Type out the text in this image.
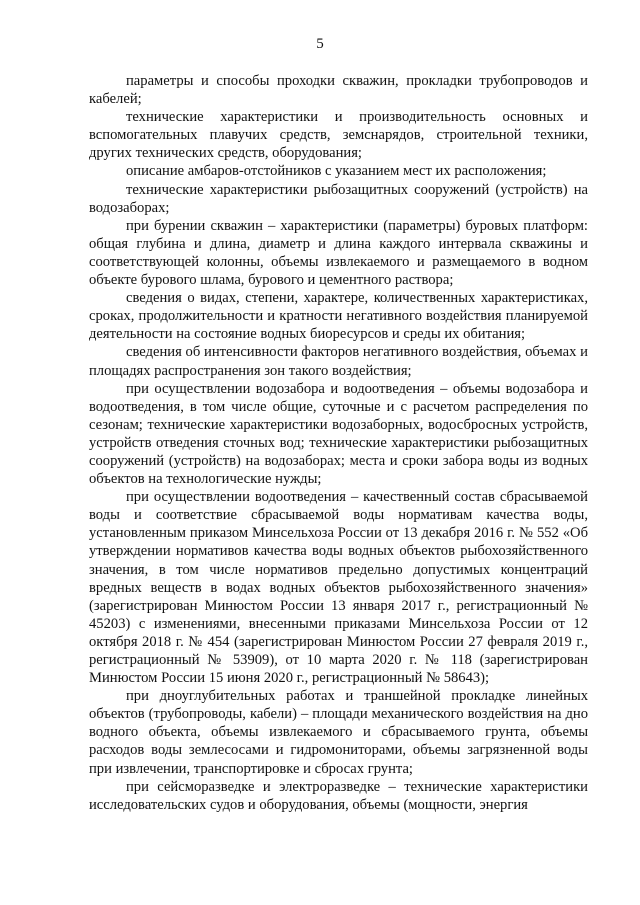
5

параметры и способы проходки скважин, прокладки трубопроводов и кабелей;

технические характеристики и производительность основных и вспомогательных плавучих средств, земснарядов, строительной техники, других технических средств, оборудования;

описание амбаров-отстойников с указанием мест их расположения;

технические характеристики рыбозащитных сооружений (устройств) на водозаборах;

при бурении скважин – характеристики (параметры) буровых платформ: общая глубина и длина, диаметр и длина каждого интервала скважины и соответствующей колонны, объемы извлекаемого и размещаемого в водном объекте бурового шлама, бурового и цементного раствора;

сведения о видах, степени, характере, количественных характеристиках, сроках, продолжительности и кратности негативного воздействия планируемой деятельности на состояние водных биоресурсов и среды их обитания;

сведения об интенсивности факторов негативного воздействия, объемах и площадях распространения зон такого воздействия;

при осуществлении водозабора и водоотведения – объемы водозабора и водоотведения, в том числе общие, суточные и с расчетом распределения по сезонам; технические характеристики водозаборных, водосбросных устройств, устройств отведения сточных вод; технические характеристики рыбозащитных сооружений (устройств) на водозаборах; места и сроки забора воды из водных объектов на технологические нужды;

при осуществлении водоотведения – качественный состав сбрасываемой воды и соответствие сбрасываемой воды нормативам качества воды, установленным приказом Минсельхоза России от 13 декабря 2016 г. № 552 «Об утверждении нормативов качества воды водных объектов рыбохозяйственного значения, в том числе нормативов предельно допустимых концентраций вредных веществ в водах водных объектов рыбохозяйственного значения» (зарегистрирован Минюстом России 13 января 2017 г., регистрационный № 45203) с изменениями, внесенными приказами Минсельхоза России от 12 октября 2018 г. № 454 (зарегистрирован Минюстом России 27 февраля 2019 г., регистрационный № 53909), от 10 марта 2020 г. № 118 (зарегистрирован Минюстом России 15 июня 2020 г., регистрационный № 58643);

при дноуглубительных работах и траншейной прокладке линейных объектов (трубопроводы, кабели) – площади механического воздействия на дно водного объекта, объемы извлекаемого и сбрасываемого грунта, объемы расходов воды землесосами и гидромониторами, объемы загрязненной воды при извлечении, транспортировке и сбросах грунта;

при сейсморазведке и электроразведке – технические характеристики исследовательских судов и оборудования, объемы (мощности, энергия
